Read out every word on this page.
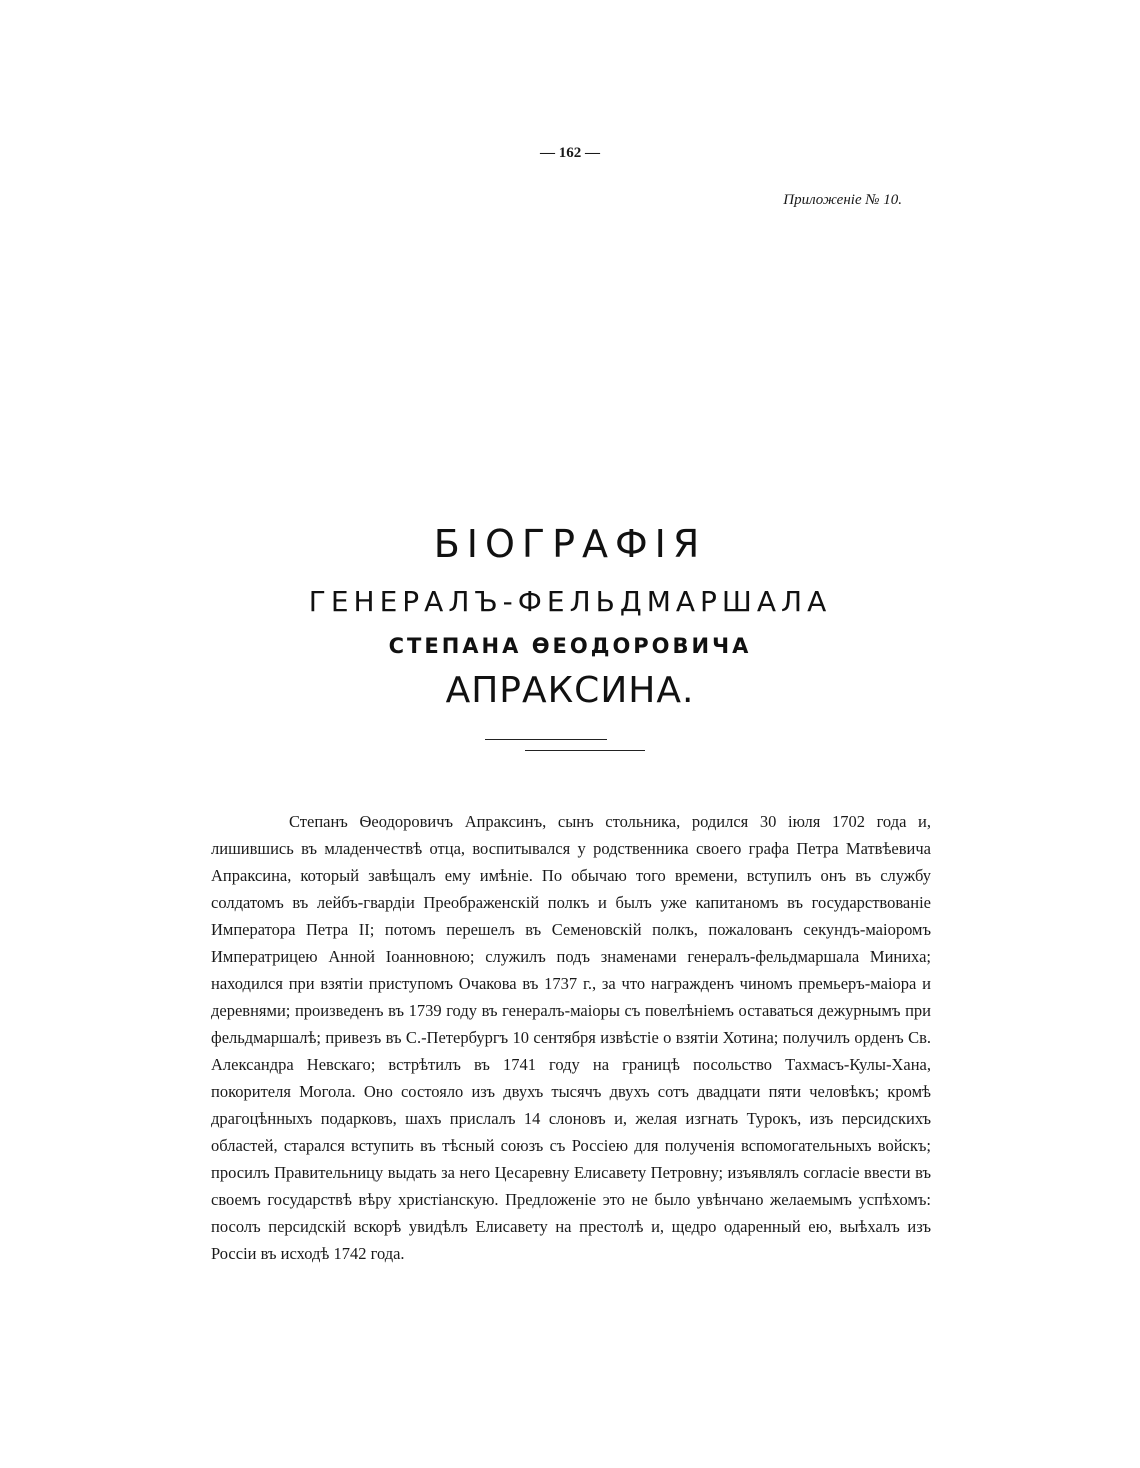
— 162 —
Приложеніе № 10.
БІОГРАФІЯ
ГЕНЕРАЛЪ-ФЕЛЬДМАРШАЛА
СТЕПАНА ѲЕОДОРОВИЧА
АПРАКСИНА.

Степанъ Ѳеодоровичъ Апраксинъ, сынъ стольника, родился 30 іюля 1702 года и, лишившись въ младенчествѣ отца, воспитывался у родственника своего графа Петра Матвѣевича Апраксина, который завѣщалъ ему имѣніе. По обычаю того времени, вступилъ онъ въ службу солдатомъ въ лейбъ-гвардіи Преображенскій полкъ и былъ уже капитаномъ въ государствованіе Императора Петра II; потомъ перешелъ въ Семеновскій полкъ, пожалованъ секундъ-маіоромъ Императрицею Анной Іоанновною; служилъ подъ знаменами генералъ-фельдмаршала Миниха; находился при взятіи приступомъ Очакова въ 1737 г., за что награжденъ чиномъ премьеръ-маіора и деревнями; произведенъ въ 1739 году въ генералъ-маіоры съ повелѣніемъ оставаться дежурнымъ при фельдмаршалѣ; привезъ въ С.-Петербургъ 10 сентября извѣстіе о взятіи Хотина; получилъ орденъ Св. Александра Невскаго; встрѣтилъ въ 1741 году на границѣ посольство Тахмасъ-Кулы-Хана, покорителя Могола. Оно состояло изъ двухъ тысячъ двухъ сотъ двадцати пяти человѣкъ; кромѣ драгоцѣнныхъ подарковъ, шахъ прислалъ 14 слоновъ и, желая изгнать Турокъ, изъ персидскихъ областей, старался вступить въ тѣсный союзъ съ Россіею для полученія вспомогательныхъ войскъ; просилъ Правительницу выдать за него Цесаревну Елисавету Петровну; изъявлялъ согласіе ввести въ своемъ государствѣ вѣру христіанскую. Предложеніе это не было увѣнчано желаемымъ успѣхомъ: посолъ персидскій вскорѣ увидѣлъ Елисавету на престолѣ и, щедро одаренный ею, выѣхалъ изъ Россіи въ исходѣ 1742 года.
